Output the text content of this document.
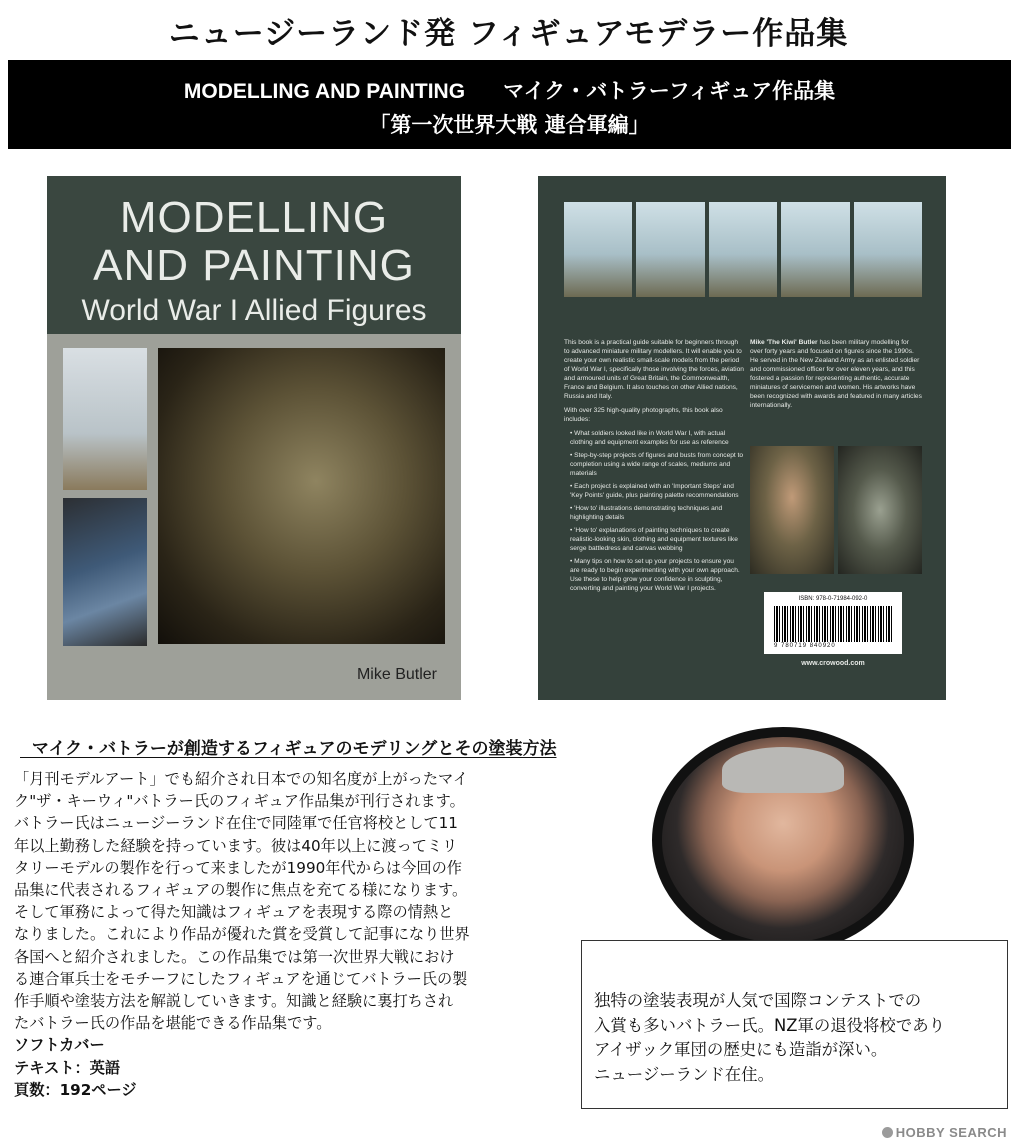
ニュージーランド発 フィギュアモデラー作品集
MODELLING AND PAINTING マイク・バトラーフィギュア作品集
「第一次世界大戦 連合軍編」
MODELLING
AND PAINTING
World War I Allied Figures
Mike Butler

This book is a practical guide suitable for beginners through to advanced miniature military modellers. It will enable you to create your own realistic small-scale models from the period of World War I, specifically those involving the forces, aviation and armoured units of Great Britain, the Commonwealth, France and Belgium. It also touches on other Allied nations, Russia and Italy.

With over 325 high-quality photographs, this book also includes:

• What soldiers looked like in World War I, with actual clothing and equipment examples for use as reference
• Step-by-step projects of figures and busts from concept to completion using a wide range of scales, mediums and materials
• Each project is explained with an 'Important Steps' and 'Key Points' guide, plus painting palette recommendations
• 'How to' illustrations demonstrating techniques and highlighting details
• 'How to' explanations of painting techniques to create realistic-looking skin, clothing and equipment textures like serge battledress and canvas webbing
• Many tips on how to set up your projects to ensure you are ready to begin experimenting with your own approach. Use these to help grow your confidence in sculpting, converting and painting your World War I projects.

Mike 'The Kiwi' Butler has been military modelling for over forty years and focused on figures since the 1990s. He served in the New Zealand Army as an enlisted soldier and commissioned officer for over eleven years, and this fostered a passion for representing authentic, accurate miniatures of servicemen and women. His artworks have been recognized with awards and featured in many articles internationally.

ISBN: 978-0-71984-092-0
9 780719 840920
www.crowood.com
マイク・バトラーが創造するフィギュアのモデリングとその塗装方法

「月刊モデルアート」でも紹介され日本での知名度が上がったマイ

ク"ザ・キーウィ"バトラー氏のフィギュア作品集が刊行されます。

バトラー氏はニュージーランド在住で同陸軍で任官将校として11

年以上勤務した経験を持っています。彼は40年以上に渡ってミリ

タリーモデルの製作を行って来ましたが1990年代からは今回の作

品集に代表されるフィギュアの製作に焦点を充てる様になります。

そして軍務によって得た知識はフィギュアを表現する際の情熱と

なりました。これにより作品が優れた賞を受賞して記事になり世界

各国へと紹介されました。この作品集では第一次世界大戦におけ

る連合軍兵士をモチーフにしたフィギュアを通じてバトラー氏の製

作手順や塗装方法を解説していきます。知識と経験に裏打ちされ

たバトラー氏の作品を堪能できる作品集です。

ソフトカバー

テキスト：英語

頁数：192ページ

独特の塗装表現が人気で国際コンテストでの

入賞も多いバトラー氏。NZ軍の退役将校であり

アイザック軍団の歴史にも造詣が深い。

ニュージーランド在住。

HOBBY SEARCH
